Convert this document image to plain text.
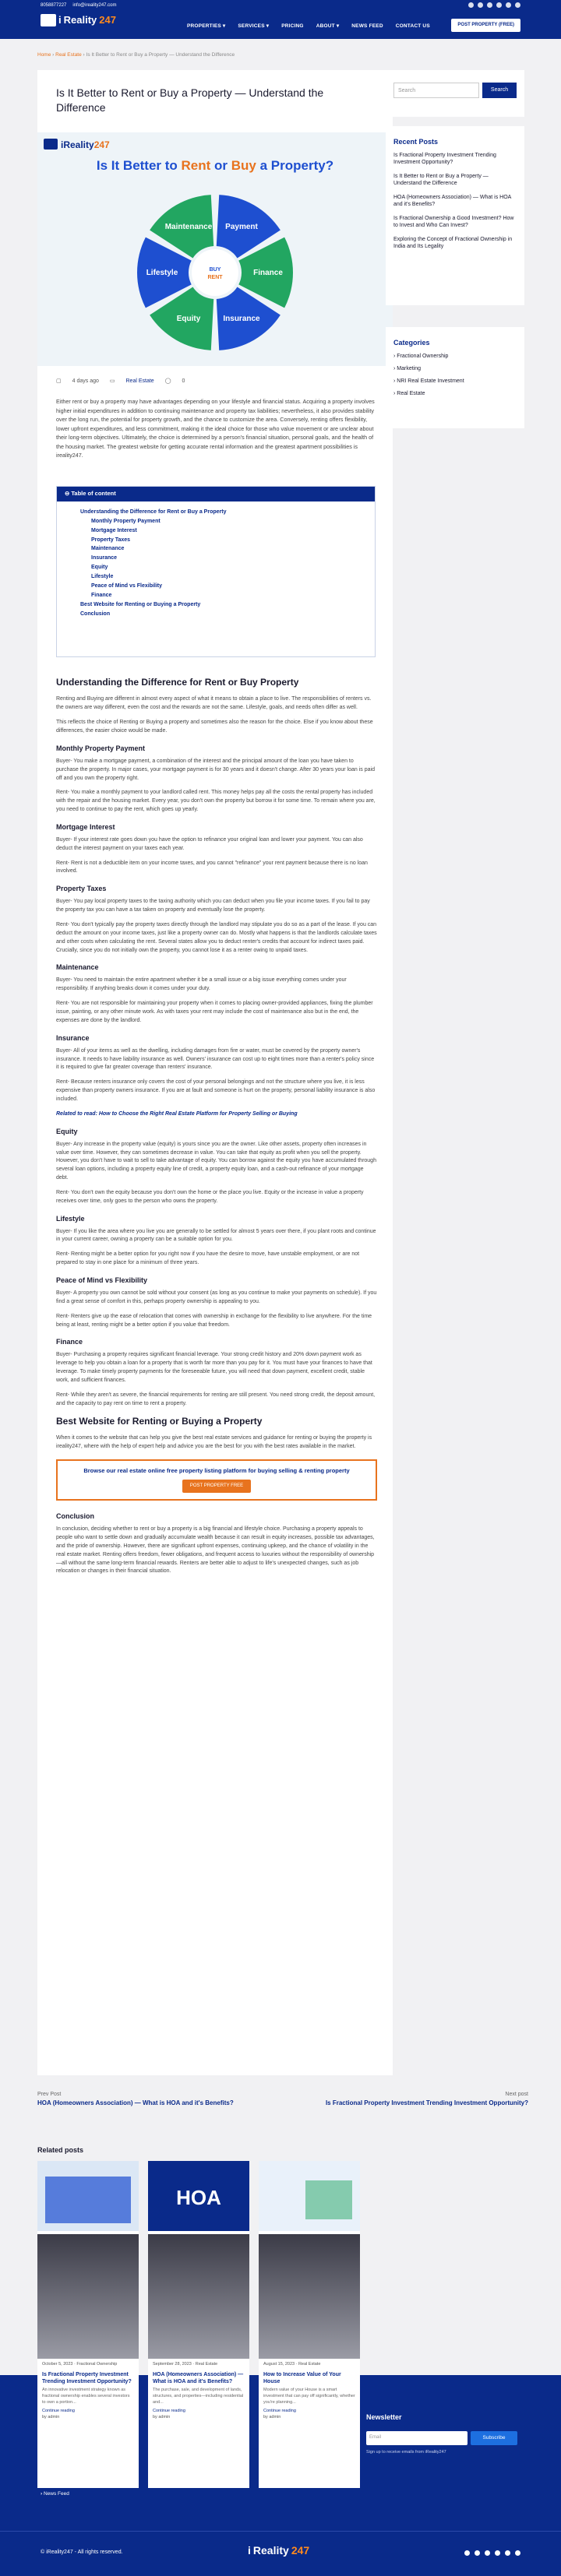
8058877227 info@ireality247.com
i Reality 247
PROPERTIES ▾ SERVICES ▾ PRICING ABOUT ▾ NEWS FEED CONTACT US	POST PROPERTY (FREE)
Home › Real Estate › Is It Better to Rent or Buy a Property — Understand the Difference
Is It Better to Rent or Buy a Property — Understand the Difference
iReality247
Is It Better to Rent or Buy a Property?
Payment
Finance
Insurance
Equity
Lifestyle
Maintenance
BUY
RENT
▢ 4 days ago ▭ Real Estate ◯ 0

Either rent or buy a property may have advantages depending on your lifestyle and financial status. Acquiring a property involves higher initial expenditures in addition to continuing maintenance and property tax liabilities; nevertheless, it also provides stability over the long run, the potential for property growth, and the chance to customize the area. Conversely, renting offers flexibility, lower upfront expenditures, and less commitment, making it the ideal choice for those who value movement or are unclear about their long-term objectives. Ultimately, the choice is determined by a person's financial situation, personal goals, and the health of the housing market. The greatest website for getting accurate rental information and the greatest apartment possibilities is ireality247.

⊖ Table of content
Understanding the Difference for Rent or Buy a Property
Monthly Property Payment
Mortgage Interest
Property Taxes
Maintenance
Insurance
Equity
Lifestyle
Peace of Mind vs Flexibility
Finance
Best Website for Renting or Buying a Property
Conclusion
Understanding the Difference for Rent or Buy Property

Renting and Buying are different in almost every aspect of what it means to obtain a place to live. The responsibilities of renters vs. the owners are way different, even the cost and the rewards are not the same. Lifestyle, goals, and needs often differ as well.

This reflects the choice of Renting or Buying a property and sometimes also the reason for the choice. Else if you know about these differences, the easier choice would be made.

Monthly Property Payment

Buyer- You make a mortgage payment, a combination of the interest and the principal amount of the loan you have taken to purchase the property. In major cases, your mortgage payment is for 30 years and it doesn't change. After 30 years your loan is paid off and you own the property right.

Rent- You make a monthly payment to your landlord called rent. This money helps pay all the costs the rental property has included with the repair and the housing market. Every year, you don't own the property but borrow it for some time. To remain where you are, you need to continue to pay the rent, which goes up yearly.

Mortgage Interest

Buyer- If your interest rate goes down you have the option to refinance your original loan and lower your payment. You can also deduct the interest payment on your taxes each year.

Rent- Rent is not a deductible item on your income taxes, and you cannot "refinance" your rent payment because there is no loan involved.

Property Taxes

Buyer- You pay local property taxes to the taxing authority which you can deduct when you file your income taxes. If you fail to pay the property tax you can have a tax taken on property and eventually lose the property.

Rent- You don't typically pay the property taxes directly through the landlord may stipulate you do so as a part of the lease. If you can deduct the amount on your income taxes, just like a property owner can do. Mostly what happens is that the landlords calculate taxes and other costs when calculating the rent. Several states allow you to deduct renter's credits that account for indirect taxes paid. Crucially, since you do not initially own the property, you cannot lose it as a renter owing to unpaid taxes.

Maintenance

Buyer- You need to maintain the entire apartment whether it be a small issue or a big issue everything comes under your responsibility. If anything breaks down it comes under your duty.

Rent- You are not responsible for maintaining your property when it comes to placing owner-provided appliances, fixing the plumber issue, painting, or any other minute work. As with taxes your rent may include the cost of maintenance also but in the end, the expenses are done by the landlord.

Insurance

Buyer- All of your items as well as the dwelling, including damages from fire or water, must be covered by the property owner's insurance. It needs to have liability insurance as well. Owners' insurance can cost up to eight times more than a renter's policy since it is required to give far greater coverage than renters' insurance.

Rent- Because renters insurance only covers the cost of your personal belongings and not the structure where you live, it is less expensive than property owners insurance. If you are at fault and someone is hurt on the property, personal liability insurance is also included.

Related to read: How to Choose the Right Real Estate Platform for Property Selling or Buying

Equity

Buyer- Any increase in the property value (equity) is yours since you are the owner. Like other assets, property often increases in value over time. However, they can sometimes decrease in value. You can take that equity as profit when you sell the property. However, you don't have to wait to sell to take advantage of equity. You can borrow against the equity you have accumulated through several loan options, including a property equity line of credit, a property equity loan, and a cash-out refinance of your mortgage debt.

Rent- You don't own the equity because you don't own the home or the place you live. Equity or the increase in value a property receives over time, only goes to the person who owns the property.

Lifestyle

Buyer- If you like the area where you live you are generally to be settled for almost 5 years over there, if you plant roots and continue in your current career, owning a property can be a suitable option for you.

Rent- Renting might be a better option for you right now if you have the desire to move, have unstable employment, or are not prepared to stay in one place for a minimum of three years.

Peace of Mind vs Flexibility

Buyer- A property you own cannot be sold without your consent (as long as you continue to make your payments on schedule). If you find a great sense of comfort in this, perhaps property ownership is appealing to you.

Rent- Renters give up the ease of relocation that comes with ownership in exchange for the flexibility to live anywhere. For the time being at least, renting might be a better option if you value that freedom.

Finance

Buyer- Purchasing a property requires significant financial leverage. Your strong credit history and 20% down payment work as leverage to help you obtain a loan for a property that is worth far more than you pay for it. You must have your finances to have that leverage. To make timely property payments for the foreseeable future, you will need that down payment, excellent credit, stable work, and sufficient finances.

Rent- While they aren't as severe, the financial requirements for renting are still present. You need strong credit, the deposit amount, and the capacity to pay rent on time to rent a property.

Best Website for Renting or Buying a Property

When it comes to the website that can help you give the best real estate services and guidance for renting or buying the property is ireality247, where with the help of expert help and advice you are the best for you with the best rates available in the market.

Browse our real estate online free property listing platform for buying selling & renting property
POST PROPERTY FREE
Conclusion

In conclusion, deciding whether to rent or buy a property is a big financial and lifestyle choice. Purchasing a property appeals to people who want to settle down and gradually accumulate wealth because it can result in equity increases, possible tax advantages, and the pride of ownership. However, there are significant upfront expenses, continuing upkeep, and the chance of volatility in the real estate market. Renting offers freedom, fewer obligations, and frequent access to luxuries without the responsibility of ownership—all without the same long-term financial rewards. Renters are better able to adjust to life's unexpected changes, such as job relocation or changes in their financial situation.

Search	Search
Recent Posts
Is Fractional Property Investment Trending Investment Opportunity?
Is It Better to Rent or Buy a Property — Understand the Difference
HOA (Homeowners Association) — What is HOA and it's Benefits?
Is Fractional Ownership a Good Investment? How to Invest and Who Can Invest?
Exploring the Concept of Fractional Ownership in India and Its Legality
Categories
› Fractional Ownership
› Marketing
› NRI Real Estate Investment
› Real Estate
Prev Post
HOA (Homeowners Association) — What is HOA and it's Benefits?
Next post
Is Fractional Property Investment Trending Investment Opportunity?
Related posts
October 5, 2023 · Fractional Ownership
Is Fractional Property Investment Trending Investment Opportunity?
An innovative investment strategy known as fractional ownership enables several investors to own a portion...
Continue reading
by admin
HOA
September 28, 2023 · Real Estate
HOA (Homeowners Association) — What is HOA and it's Benefits?
The purchase, sale, and development of lands, structures, and properties—including residential and...
Continue reading
by admin
August 15, 2023 · Real Estate
How to Increase Value of Your House
Modern value of your House is a smart investment that can pay off significantly, whether you're planning...
Continue reading
by admin	Newsletter
Email	Subscribe
Sign up to receive emails from iReality247
› News Feed
© iReality247 - All rights reserved.	i Reality 247
